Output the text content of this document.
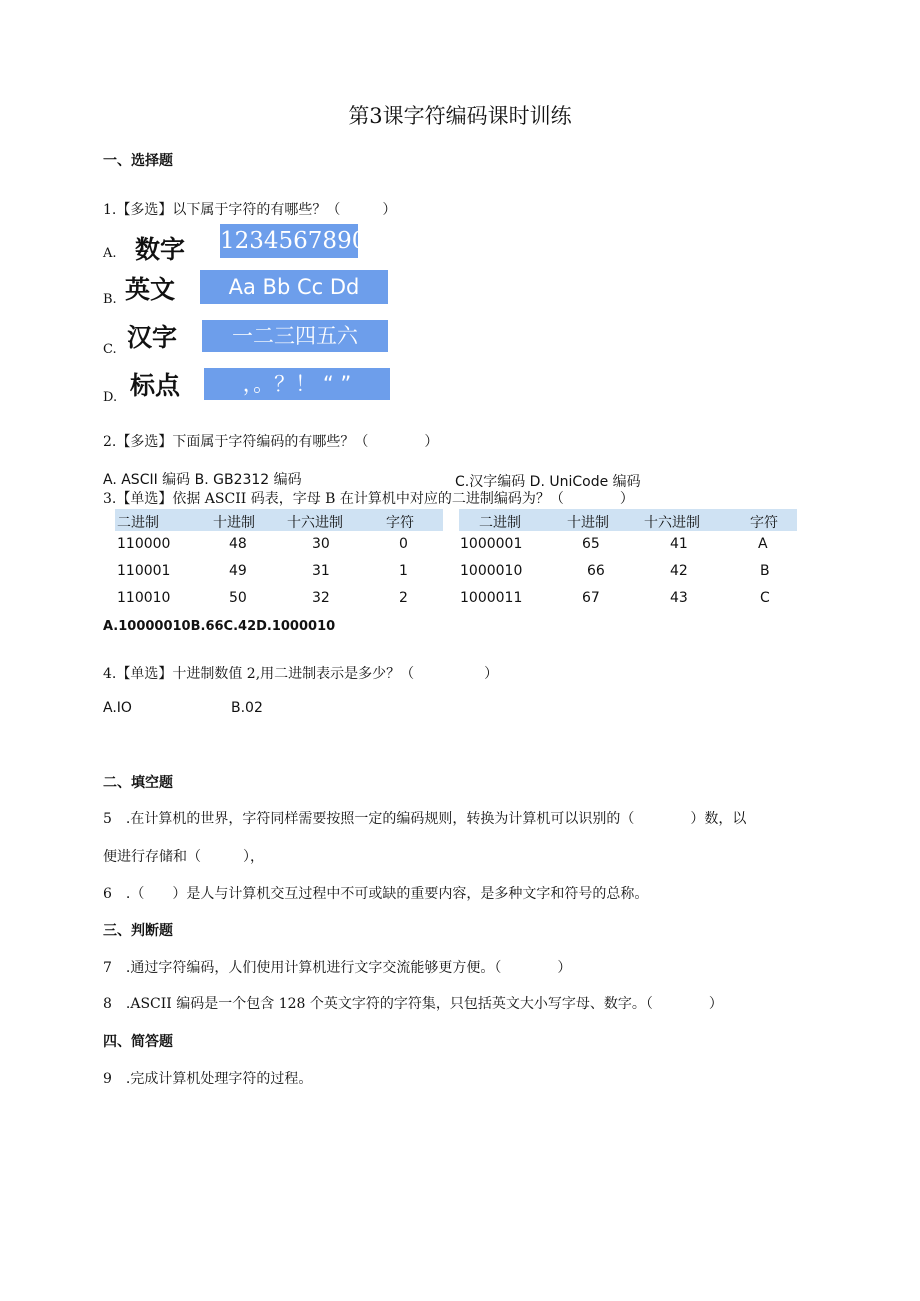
第3课字符编码课时训练
一、选择题
1.【多选】以下属于字符的有哪些？（　　　）
A. 数字 1234567890
B. 英文	Aa Bb Cc Dd
C. 汉字	一二三四五六
D. 标点	，。？！ “ ”
2.【多选】下面属于字符编码的有哪些？（　　　　）
A. ASCII 编码 B. GB2312 编码	C.汉字编码 D. UniCode 编码
3.【单选】依据 ASCII 码表，字母 B 在计算机中对应的二进制编码为？（　　　　）
二进制	十进制 十六进制	字符
110000	48	30	0
110001	49	31	1
110010	50	32	2
二进制	十进制	十六进制	字符
1000001	65	41	A
1000010	66	42	B
1000011	67	43	C
A.10000010B.66C.42D.1000010
4.【单选】十进制数值 2,用二进制表示是多少？（　　　　　）
A.IO	B.02
二、填空题
5　.在计算机的世界，字符同样需要按照一定的编码规则，转换为计算机可以识别的（　　　　）数，以
便进行存储和（　　　），
6　.（　　）是人与计算机交互过程中不可或缺的重要内容，是多种文字和符号的总称。
三、判断题
7　.通过字符编码，人们使用计算机进行文字交流能够更方便。（　　　　）
8　.ASCII 编码是一个包含 128 个英文字符的字符集，只包括英文大小写字母、数字。（　　　　）
四、简答题
9　.完成计算机处理字符的过程。
